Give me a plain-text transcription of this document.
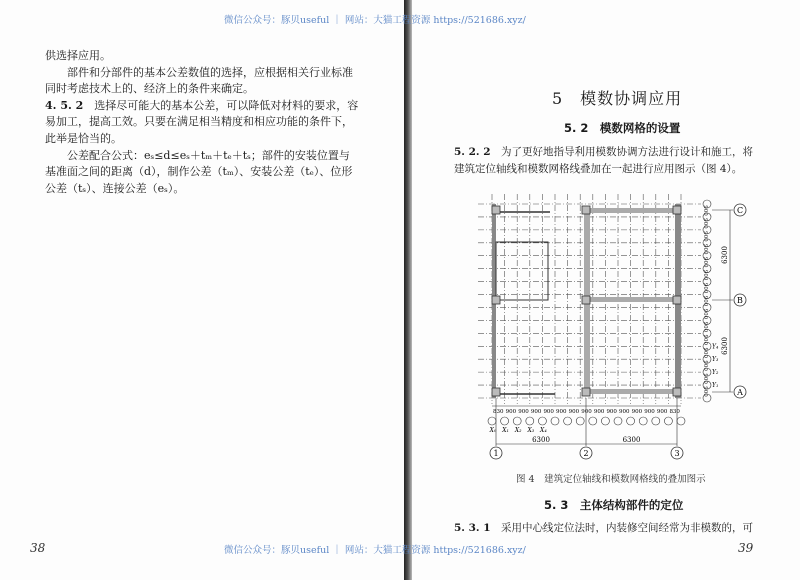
供选择应用。
部件和分部件的基本公差数值的选择，应根据相关行业标准
同时考虑技术上的、经济上的条件来确定。
4. 5. 2　 选择尽可能大的基本公差，可以降低对材料的要求，容
易加工，提高工效。只要在满足相当精度和相应功能的条件下，
此举是恰当的。
公差配合公式：eₛ≤d≤eₛ＋tₘ＋tₑ＋tₛ；部件的安装位置与
基准面之间的距离（d），制作公差（tₘ）、安装公差（tₑ）、位形
公差（tₛ）、连接公差（eₛ）。
38
5　模数协调应用
5. 2　模数网格的设置
5. 2. 2　 为了更好地指导利用模数协调方法进行设计和施工，将
建筑定位轴线和模数网格线叠加在一起进行应用图示（图 4）。
图 4　建筑定位轴线和模数网格线的叠加图示
5. 3　主体结构部件的定位
5. 3. 1　 采用中心线定位法时，内装修空间经常为非模数的，可
39
830 900 900 900 900 900 900 900 900 900 900 900 900 900 830
X₀ X₁ X₂ X₃ X₄
900
900
900
900
900
900
900
900
900
900
900
900
900
900
900
Y₄
Y₃
Y₂
Y₁
6300
6300
C
B
A
6300	6300
1	2	3
微信公众号：豚贝useful ｜ 网站：大猫工程资源 https://521686.xyz/
微信公众号：豚贝useful ｜ 网站：大猫工程资源 https://521686.xyz/
